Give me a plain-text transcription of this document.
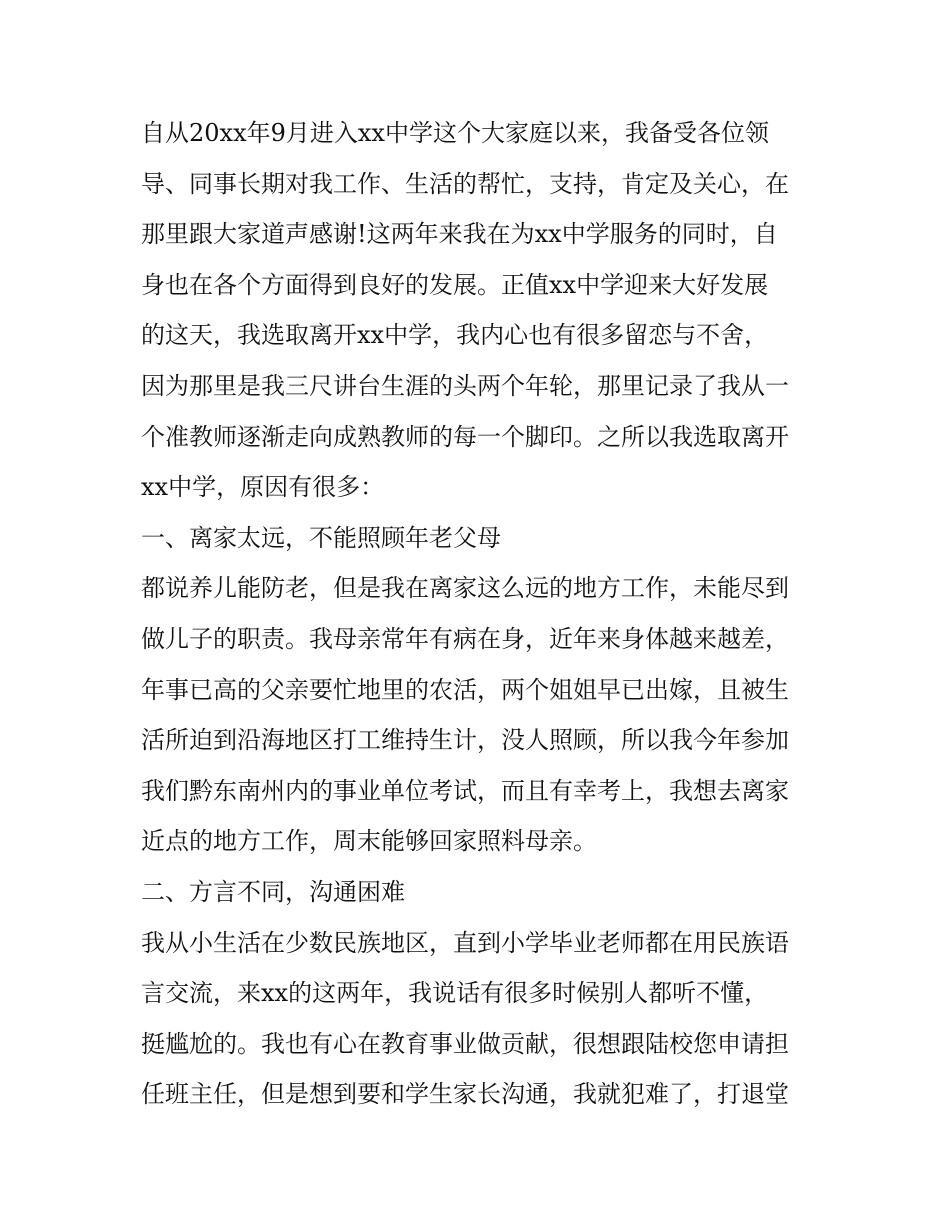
自从20xx年9月进入xx中学这个大家庭以来，我备受各位领
导、同事长期对我工作、生活的帮忙，支持，肯定及关心，在
那里跟大家道声感谢!这两年来我在为xx中学服务的同时，自
身也在各个方面得到良好的发展。正值xx中学迎来大好发展
的这天，我选取离开xx中学，我内心也有很多留恋与不舍，
因为那里是我三尺讲台生涯的头两个年轮，那里记录了我从一
个准教师逐渐走向成熟教师的每一个脚印。之所以我选取离开
xx中学，原因有很多：
一、离家太远，不能照顾年老父母
都说养儿能防老，但是我在离家这么远的地方工作，未能尽到
做儿子的职责。我母亲常年有病在身，近年来身体越来越差，
年事已高的父亲要忙地里的农活，两个姐姐早已出嫁，且被生
活所迫到沿海地区打工维持生计，没人照顾，所以我今年参加
我们黔东南州内的事业单位考试，而且有幸考上，我想去离家
近点的地方工作，周末能够回家照料母亲。
二、方言不同，沟通困难
我从小生活在少数民族地区，直到小学毕业老师都在用民族语
言交流，来xx的这两年，我说话有很多时候别人都听不懂，
挺尴尬的。我也有心在教育事业做贡献，很想跟陆校您申请担
任班主任，但是想到要和学生家长沟通，我就犯难了，打退堂
